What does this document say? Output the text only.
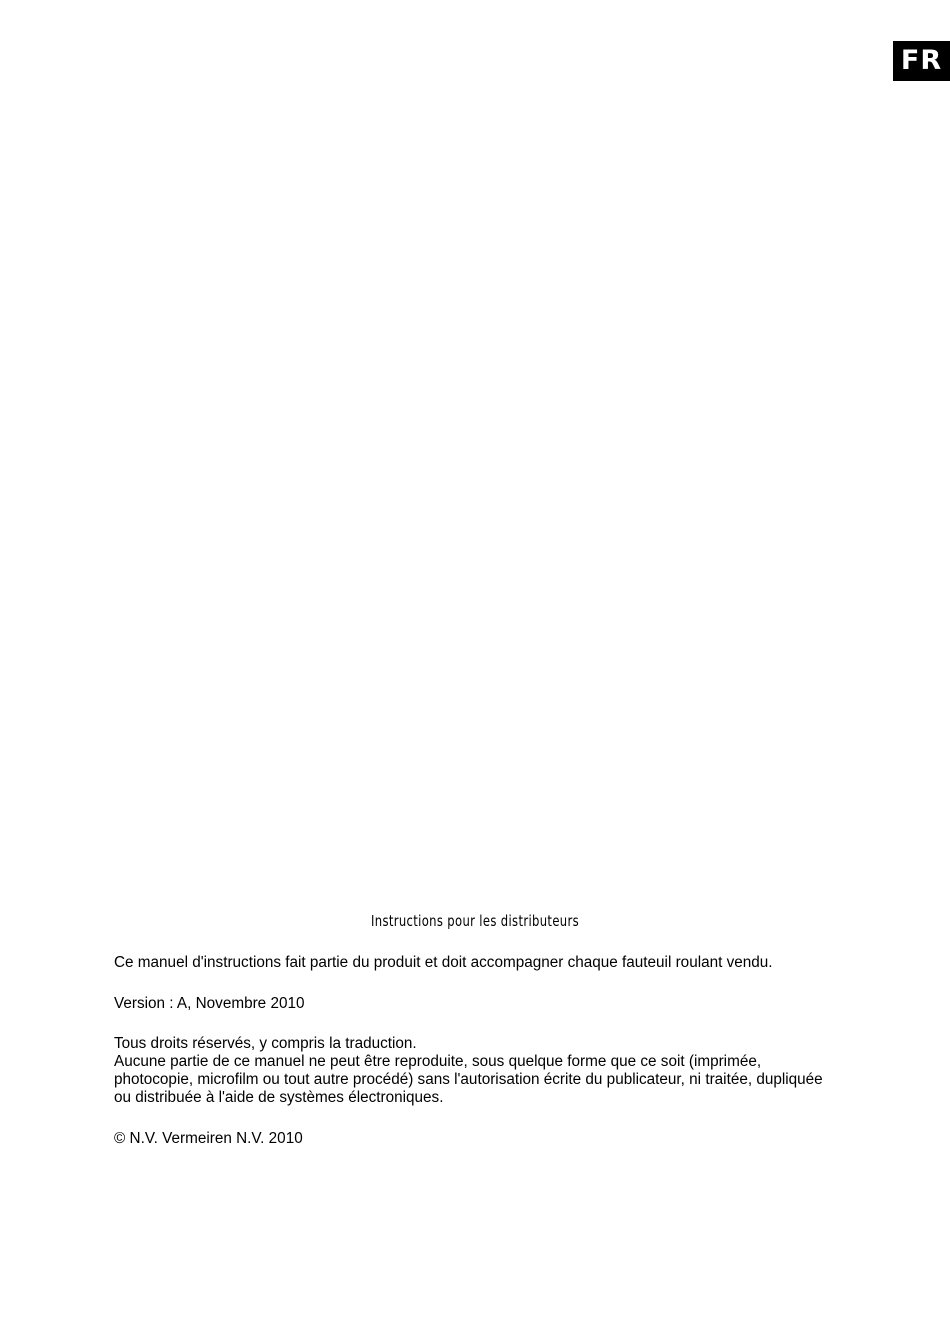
FR
Instructions pour les distributeurs

Ce manuel d'instructions fait partie du produit et doit accompagner chaque fauteuil roulant vendu.

Version : A, Novembre 2010

Tous droits réservés, y compris la traduction.

Aucune partie de ce manuel ne peut être reproduite, sous quelque forme que ce soit (imprimée, photocopie, microfilm ou tout autre procédé) sans l'autorisation écrite du publicateur, ni traitée, dupliquée ou distribuée à l'aide de systèmes électroniques.

© N.V. Vermeiren N.V. 2010
